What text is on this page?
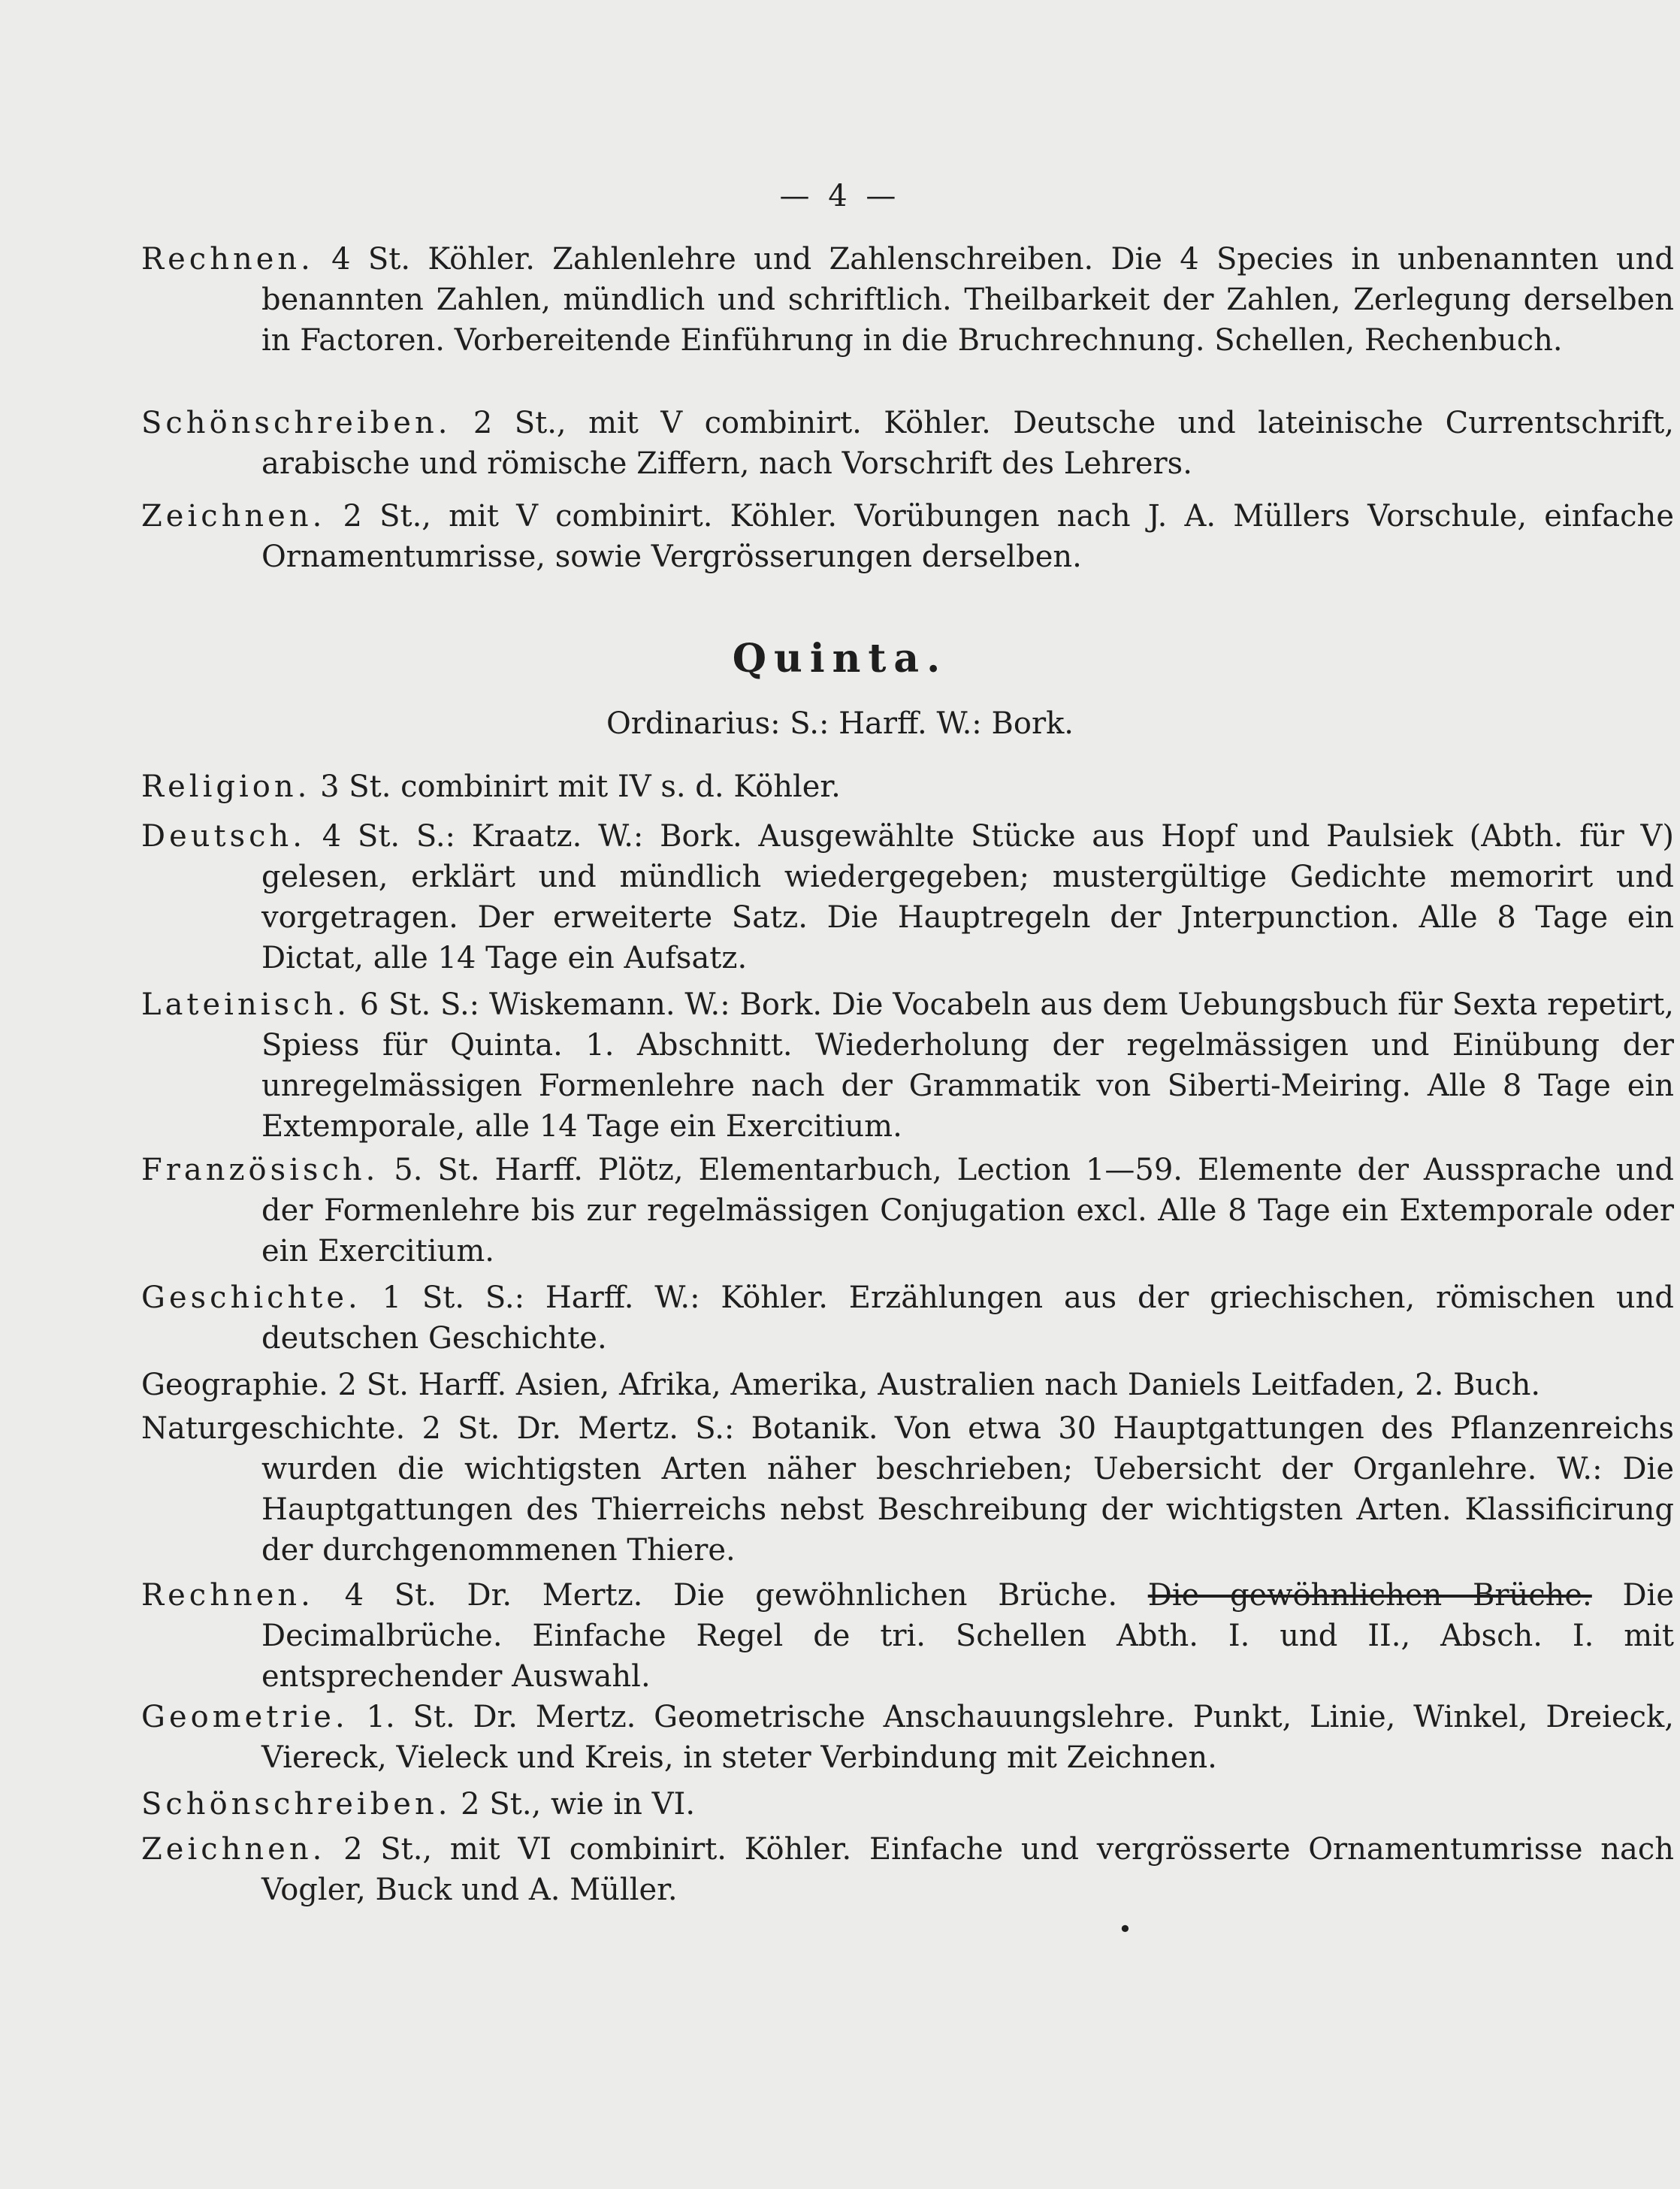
— 4 —
Rechnen. 4 St. Köhler. Zahlenlehre und Zahlenschreiben. Die 4 Species in unbenannten und benannten Zahlen, mündlich und schriftlich. Theilbarkeit der Zahlen, Zerlegung derselben in Factoren. Vorbereitende Einführung in die Bruchrechnung. Schellen, Rechenbuch.
Schönschreiben. 2 St., mit V combinirt. Köhler. Deutsche und lateinische Currentschrift, arabische und römische Ziffern, nach Vorschrift des Lehrers.
Zeichnen. 2 St., mit V combinirt. Köhler. Vorübungen nach J. A. Müllers Vorschule, einfache Ornamentumrisse, sowie Vergrösserungen derselben.
Quinta.
Ordinarius: S.: Harff. W.: Bork.
Religion. 3 St. combinirt mit IV s. d. Köhler.
Deutsch. 4 St. S.: Kraatz. W.: Bork. Ausgewählte Stücke aus Hopf und Paulsiek (Abth. für V) gelesen, erklärt und mündlich wiedergegeben; mustergültige Gedichte memorirt und vorgetragen. Der erweiterte Satz. Die Hauptregeln der Jnterpunction. Alle 8 Tage ein Dictat, alle 14 Tage ein Aufsatz.
Lateinisch. 6 St. S.: Wiskemann. W.: Bork. Die Vocabeln aus dem Uebungsbuch für Sexta repetirt, Spiess für Quinta. 1. Abschnitt. Wiederholung der regelmässigen und Einübung der unregelmässigen Formenlehre nach der Grammatik von Siberti-Meiring. Alle 8 Tage ein Extemporale, alle 14 Tage ein Exercitium.
Französisch. 5. St. Harff. Plötz, Elementarbuch, Lection 1—59. Elemente der Aussprache und der Formenlehre bis zur regelmässigen Conjugation excl. Alle 8 Tage ein Extemporale oder ein Exercitium.
Geschichte. 1 St. S.: Harff. W.: Köhler. Erzählungen aus der griechischen, römischen und deutschen Geschichte.
Geographie. 2 St. Harff. Asien, Afrika, Amerika, Australien nach Daniels Leitfaden, 2. Buch.
Naturgeschichte. 2 St. Dr. Mertz. S.: Botanik. Von etwa 30 Hauptgattungen des Pflanzenreichs wurden die wichtigsten Arten näher beschrieben; Uebersicht der Organlehre. W.: Die Hauptgattungen des Thierreichs nebst Beschreibung der wichtigsten Arten. Klassificirung der durchgenommenen Thiere.
Rechnen. 4 St. Dr. Mertz. Die gewöhnlichen Brüche. Die gewöhnlichen Brüche. Die Decimalbrüche. Einfache Regel de tri. Schellen Abth. I. und II., Absch. I. mit entsprechender Auswahl.
Geometrie. 1. St. Dr. Mertz. Geometrische Anschauungslehre. Punkt, Linie, Winkel, Dreieck, Viereck, Vieleck und Kreis, in steter Verbindung mit Zeichnen.
Schönschreiben. 2 St., wie in VI.
Zeichnen. 2 St., mit VI combinirt. Köhler. Einfache und vergrösserte Ornamentumrisse nach Vogler, Buck und A. Müller.
•
